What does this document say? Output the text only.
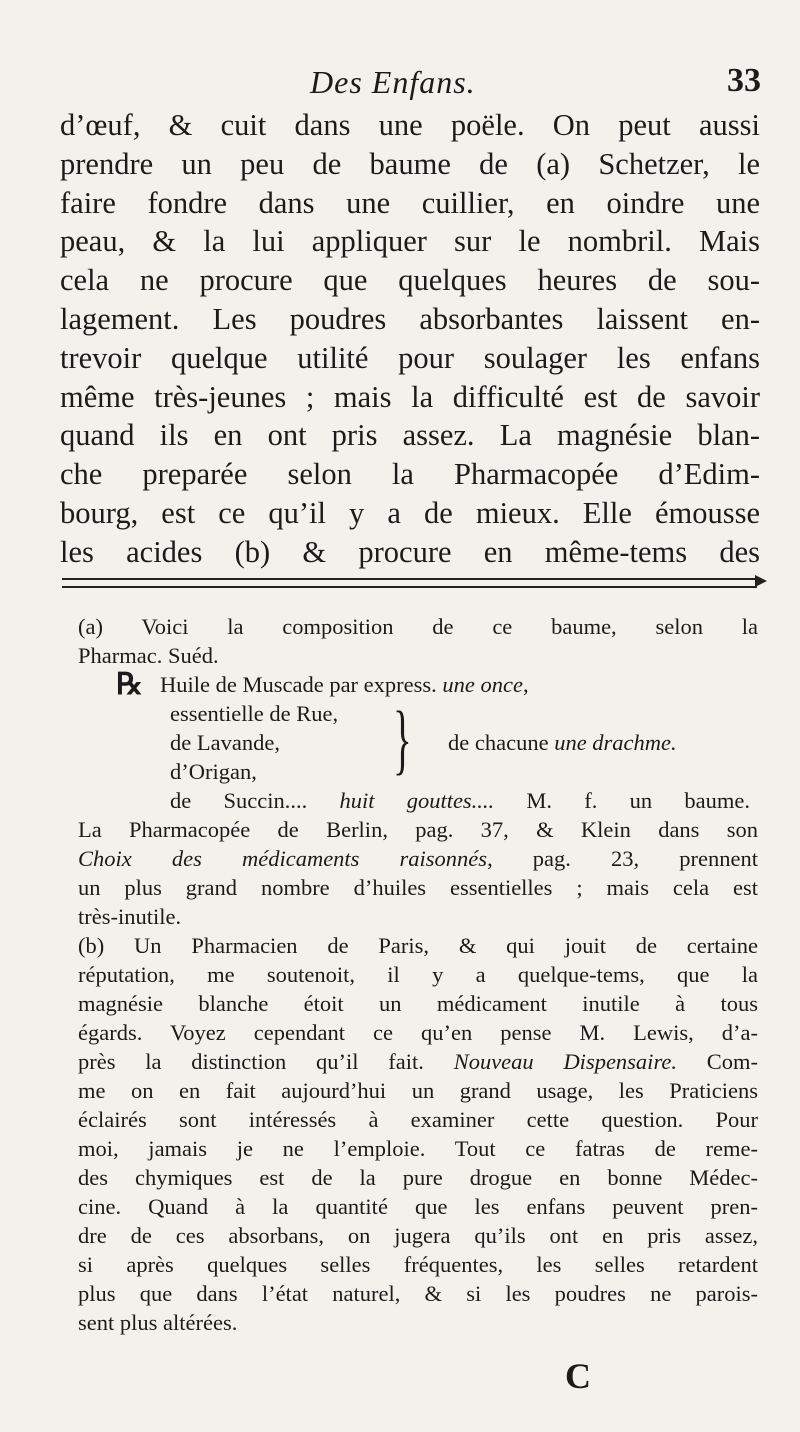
Des Enfans.	33
d’œuf, & cuit dans une poële. On peut aussi
prendre un peu de baume de (a) Schetzer, le
faire fondre dans une cuillier, en oindre une
peau, & la lui appliquer sur le nombril. Mais
cela ne procure que quelques heures de sou-
lagement. Les poudres absorbantes laissent en-
trevoir quelque utilité pour soulager les enfans
même très-jeunes ; mais la difficulté est de savoir
quand ils en ont pris assez. La magnésie blan-
che preparée selon la Pharmacopée d’Edim-
bourg, est ce qu’il y a de mieux. Elle émousse
les acides (b) & procure en même-tems des
(a) Voici la composition de ce baume, selon la
Pharmac. Suéd.
℞ Huile de Muscade par express. une once,
essentielle de Rue,
de Lavande,
d’Origan, } de chacune une drachme.
de Succin.... huit gouttes.... M. f. un baume.
La Pharmacopée de Berlin, pag. 37, & Klein dans son
Choix des médicaments raisonnés, pag. 23, prennent
un plus grand nombre d’huiles essentielles ; mais cela est
très-inutile.
(b) Un Pharmacien de Paris, & qui jouit de certaine
réputation, me soutenoit, il y a quelque-tems, que la
magnésie blanche étoit un médicament inutile à tous
égards. Voyez cependant ce qu’en pense M. Lewis, d’a-
près la distinction qu’il fait. Nouveau Dispensaire. Com-
me on en fait aujourd’hui un grand usage, les Praticiens
éclairés sont intéressés à examiner cette question. Pour
moi, jamais je ne l’emploie. Tout ce fatras de reme-
des chymiques est de la pure drogue en bonne Médec-
cine. Quand à la quantité que les enfans peuvent pren-
dre de ces absorbans, on jugera qu’ils ont en pris assez,
si après quelques selles fréquentes, les selles retardent
plus que dans l’état naturel, & si les poudres ne parois-
sent plus altérées.
C
